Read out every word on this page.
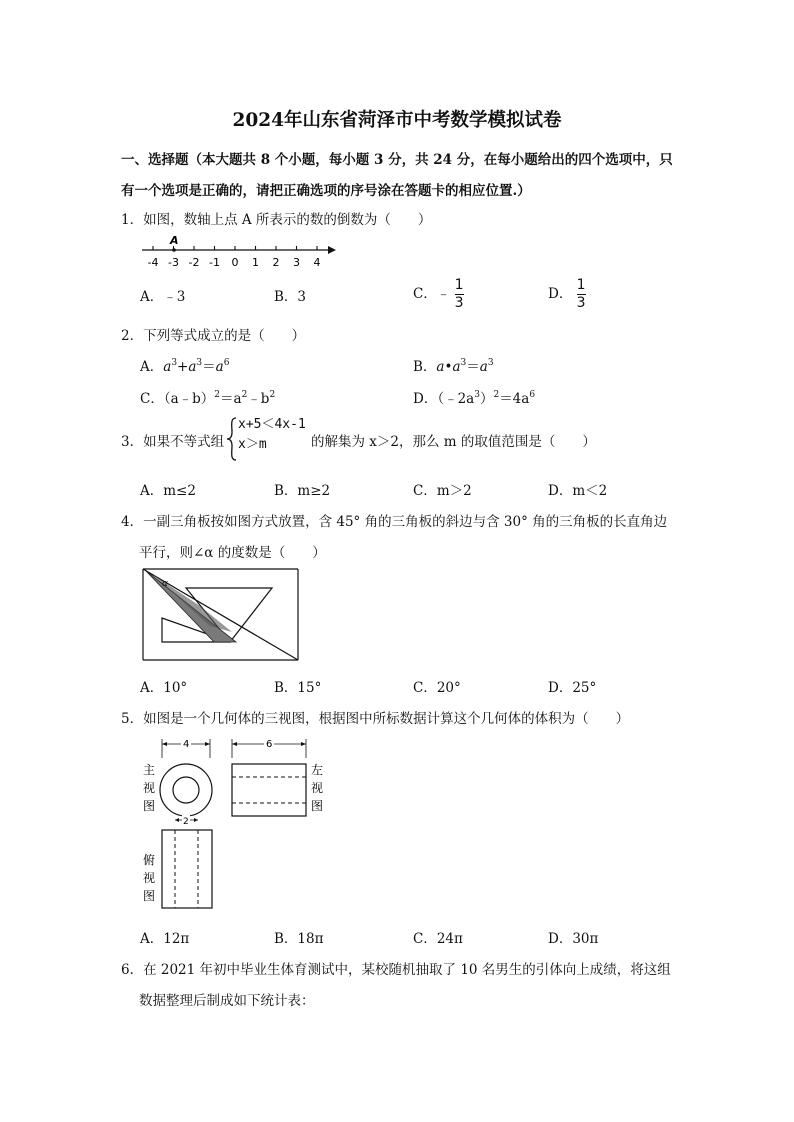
2024年山东省菏泽市中考数学模拟试卷
一、选择题（本大题共 8 个小题，每小题 3 分，共 24 分，在每小题给出的四个选项中，只
有一个选项是正确的，请把正确选项的序号涂在答题卡的相应位置.）
1．如图，数轴上点 A 所表示的数的倒数为（　　）
-4 -3 -2 -1 0 1 2 3 4
A
A．﹣3	B．3	C．﹣ $\frac{1}{3}$	D． $\frac{1}{3}$
2．下列等式成立的是（　　）
A．$a^3+a^3=a^6$	B．$a•a^3=a^3$
C．$(a﹣b)^2=a^2﹣b^2$	D．$(﹣2a^3)^2=4a^6$
3．如果不等式组
x+5＜4x-1
x＞m	的解集为 x＞2，那么 m 的取值范围是（　　）
A．m≤2	B．m≥2	C．m＞2	D．m＜2
4．一副三角板按如图方式放置，含 45° 角的三角板的斜边与含 30° 角的三角板的长直角边
平行，则∠α 的度数是（　　）
α
A．10°	B．15°	C．20°	D．25°
5．如图是一个几何体的三视图，根据图中所标数据计算这个几何体的体积为（　　）
4
主
视
图
6
左
视
图
2
俯
视
图
A．12π	B．18π	C．24π	D．30π
6．在 2021 年初中毕业生体育测试中，某校随机抽取了 10 名男生的引体向上成绩，将这组
数据整理后制成如下统计表：
